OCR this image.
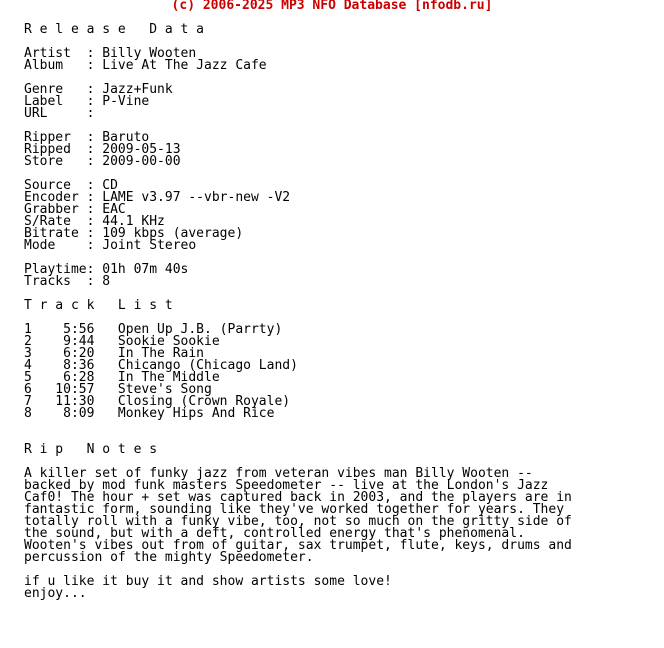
(c) 2006-2025 MP3 NFO Database [nfodb.ru]
R e l e a s e   D a t a
Artist  : Billy Wooten
Album   : Live At The Jazz Cafe
Genre   : Jazz+Funk
Label   : P-Vine
URL     :
Ripper  : Baruto
Ripped  : 2009-05-13
Store   : 2009-00-00
Source  : CD
Encoder : LAME v3.97 --vbr-new -V2
Grabber : EAC
S/Rate  : 44.1 KHz
Bitrate : 109 kbps (average)
Mode    : Joint Stereo
Playtime: 01h 07m 40s
Tracks  : 8
T r a c k   L i s t
1    5:56   Open Up J.B. (Parrty)
2    9:44   Sookie Sookie
3    6:20   In The Rain
4    8:36   Chicango (Chicago Land)
5    6:28   In The Middle
6   10:57   Steve's Song
7   11:30   Closing (Crown Royale)
8    8:09   Monkey Hips And Rice
R i p   N o t e s
A killer set of funky jazz from veteran vibes man Billy Wooten --
backed by mod funk masters Speedometer -- live at the London's Jazz
Caf0! The hour + set was captured back in 2003, and the players are in
fantastic form, sounding like they've worked together for years. They
totally roll with a funky vibe, too, not so much on the gritty side of
the sound, but with a deft, controlled energy that's phenomenal.
Wooten's vibes out from of guitar, sax trumpet, flute, keys, drums and
percussion of the mighty Speedometer.
if u like it buy it and show artists some love!
enjoy...
